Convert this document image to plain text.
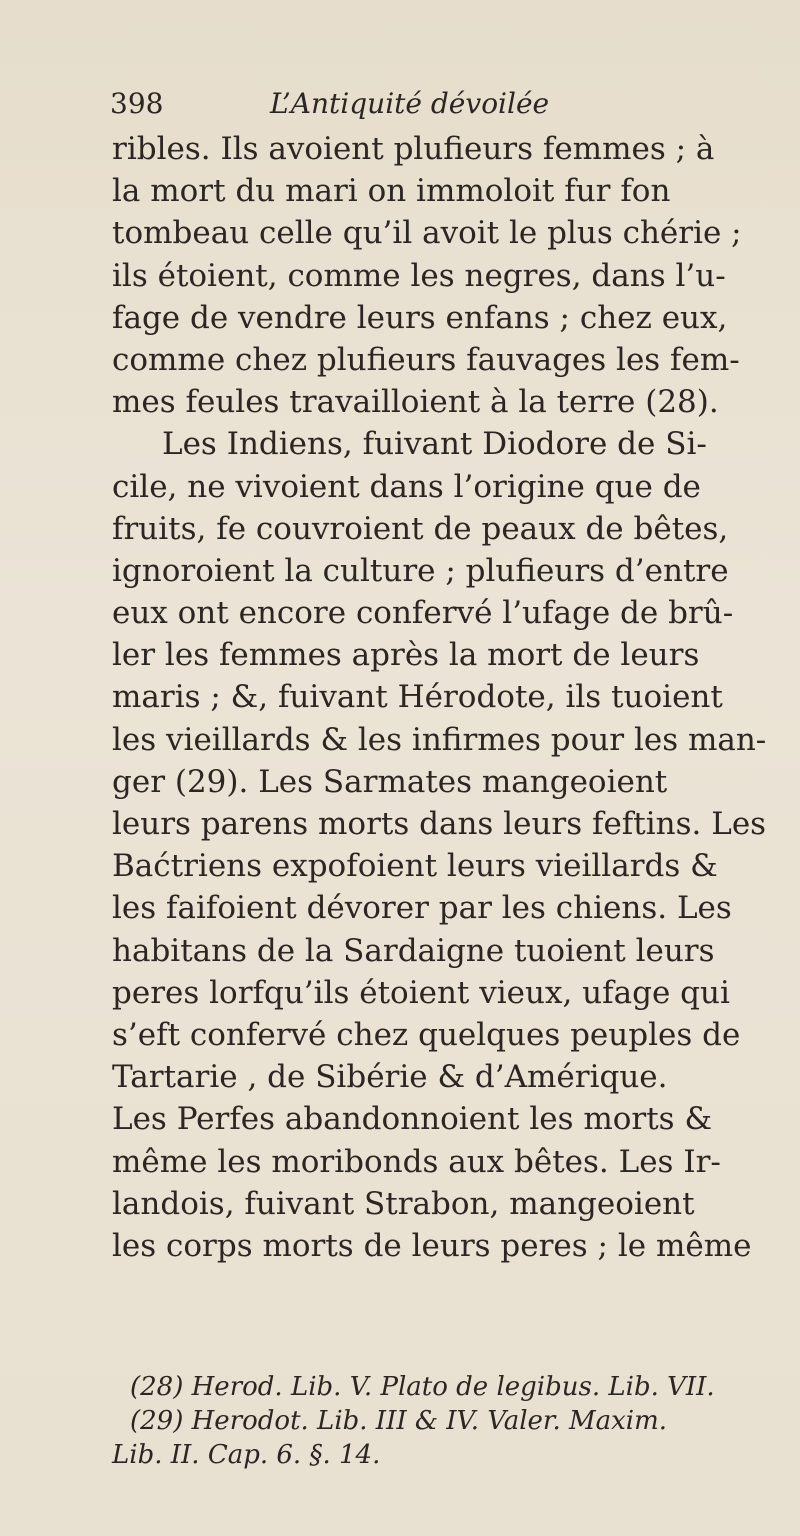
398	L’Antiquité dévoilée
ribles. Ils avoient plufieurs femmes ; à
la mort du mari on immoloit fur fon
tombeau celle qu’il avoit le plus chérie ;
ils étoient, comme les negres, dans l’u-
fage de vendre leurs enfans ; chez eux,
comme chez plufieurs fauvages les fem-
mes feules travailloient à la terre (28).
Les Indiens, fuivant Diodore de Si-
cile, ne vivoient dans l’origine que de
fruits, fe couvroient de peaux de bêtes,
ignoroient la culture ; plufieurs d’entre
eux ont encore confervé l’ufage de brû-
ler les femmes après la mort de leurs
maris ; &, fuivant Hérodote, ils tuoient
les vieillards & les infirmes pour les man-
ger (29). Les Sarmates mangeoient
leurs parens morts dans leurs feftins. Les
Baćtriens expofoient leurs vieillards &
les faifoient dévorer par les chiens. Les
habitans de la Sardaigne tuoient leurs
peres lorfqu’ils étoient vieux, ufage qui
s’eft confervé chez quelques peuples de
Tartarie , de Sibérie & d’Amérique.
Les Perfes abandonnoient les morts &
même les moribonds aux bêtes. Les Ir-
landois, fuivant Strabon, mangeoient
les corps morts de leurs peres ; le même
(28) Herod. Lib. V. Plato de legibus. Lib. VII.
(29) Herodot. Lib. III & IV. Valer. Maxim.
Lib. II. Cap. 6. §. 14.
